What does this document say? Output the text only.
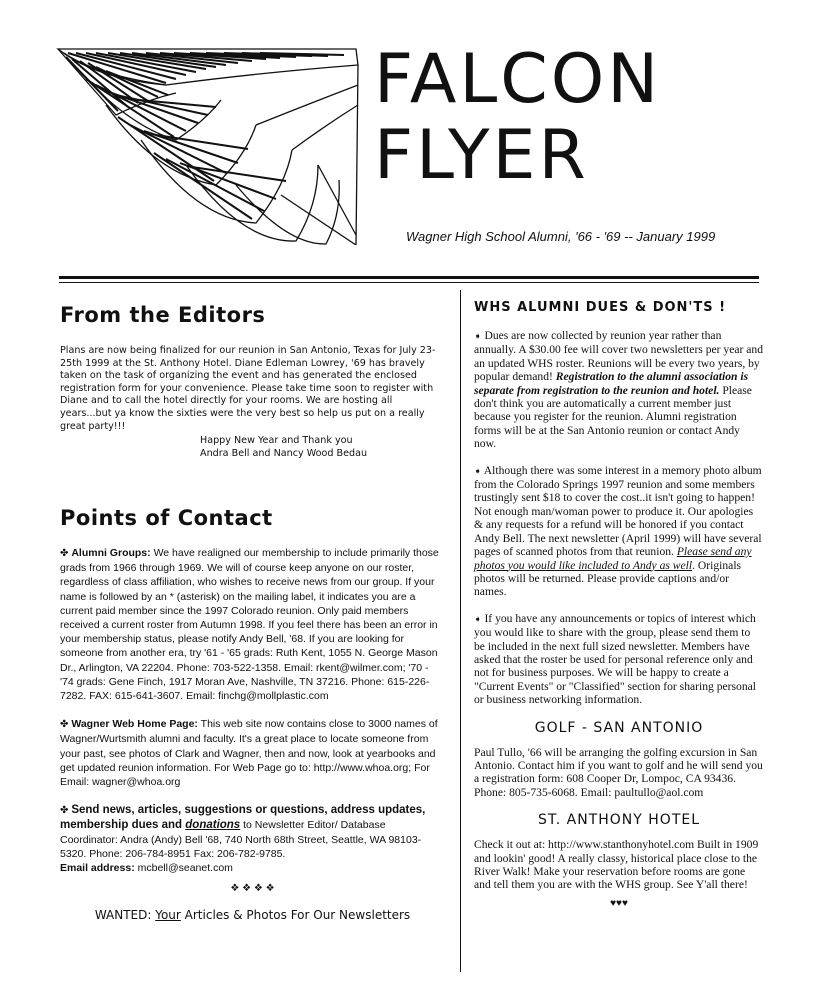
FALCON
FLYER
Wagner High School Alumni, '66 - '69 -- January 1999
From the Editors
Plans are now being finalized for our reunion in San Antonio, Texas for July 23-25th 1999 at the St. Anthony Hotel. Diane Edleman Lowrey, '69 has bravely taken on the task of organizing the event and has generated the enclosed registration form for your convenience. Please take time soon to register with Diane and to call the hotel directly for your rooms. We are hosting all years...but ya know the sixties were the very best so help us put on a really great party!!!
Happy New Year and Thank you
Andra Bell and Nancy Wood Bedau
Points of Contact

✤ Alumni Groups: We have realigned our membership to include primarily those grads from 1966 through 1969. We will of course keep anyone on our roster, regardless of class affiliation, who wishes to receive news from our group. If your name is followed by an * (asterisk) on the mailing label, it indicates you are a current paid member since the 1997 Colorado reunion. Only paid members received a current roster from Autumn 1998. If you feel there has been an error in your membership status, please notify Andy Bell, '68. If you are looking for someone from another era, try '61 - '65 grads: Ruth Kent, 1055 N. George Mason Dr., Arlington, VA 22204. Phone: 703-522-1358. Email: rkent@wilmer.com; '70 - '74 grads: Gene Finch, 1917 Moran Ave, Nashville, TN 37216. Phone: 615-226-7282. FAX: 615-641-3607. Email: finchg@mollplastic.com

✤ Wagner Web Home Page: This web site now contains close to 3000 names of Wagner/Wurtsmith alumni and faculty. It's a great place to locate someone from your past, see photos of Clark and Wagner, then and now, look at yearbooks and get updated reunion information. For Web Page go to: http://www.whoa.org; For Email: wagner@whoa.org

✤ Send news, articles, suggestions or questions, address updates, membership dues and donations to Newsletter Editor/ Database Coordinator: Andra (Andy) Bell '68, 740 North 68th Street, Seattle, WA 98103-5320. Phone: 206-784-8951 Fax: 206-782-9785.
Email address: mcbell@seanet.com

❖ ❖ ❖ ❖
WANTED: Your Articles & Photos For Our Newsletters
WHS ALUMNI DUES & DON'TS !

➧ Dues are now collected by reunion year rather than annually. A $30.00 fee will cover two newsletters per year and an updated WHS roster. Reunions will be every two years, by popular demand! Registration to the alumni association is separate from registration to the reunion and hotel. Please don't think you are automatically a current member just because you register for the reunion. Alumni registration forms will be at the San Antonio reunion or contact Andy now.

➧ Although there was some interest in a memory photo album from the Colorado Springs 1997 reunion and some members trustingly sent $18 to cover the cost..it isn't going to happen! Not enough man/woman power to produce it. Our apologies & any requests for a refund will be honored if you contact Andy Bell. The next newsletter (April 1999) will have several pages of scanned photos from that reunion. Please send any photos you would like included to Andy as well. Originals photos will be returned. Please provide captions and/or names.

➧ If you have any announcements or topics of interest which you would like to share with the group, please send them to be included in the next full sized newsletter. Members have asked that the roster be used for personal reference only and not for business purposes. We will be happy to create a "Current Events" or "Classified" section for sharing personal or business networking information.

GOLF - SAN ANTONIO

Paul Tullo, '66 will be arranging the golfing excursion in San Antonio. Contact him if you want to golf and he will send you a registration form: 608 Cooper Dr, Lompoc, CA 93436. Phone: 805-735-6068. Email: paultullo@aol.com

ST. ANTHONY HOTEL

Check it out at: http://www.stanthonyhotel.com Built in 1909 and lookin' good! A really classy, historical place close to the River Walk! Make your reservation before rooms are gone and tell them you are with the WHS group. See Y'all there!

♥♥♥
